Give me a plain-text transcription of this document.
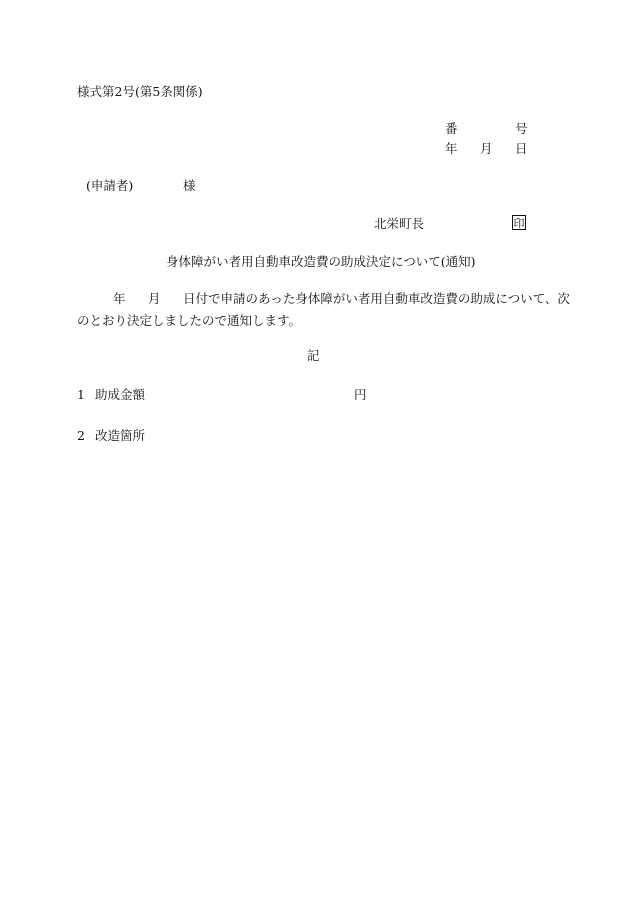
様式第2号(第5条関係)
番	号
年 月 日
(申請者)	様
北栄町長	印
身体障がい者用自動車改造費の助成決定について(通知)
年 月 日付で申請のあった身体障がい者用自動車改造費の助成について、次
のとおり決定しましたので通知します。
記
1 助成金額	円
2 改造箇所
